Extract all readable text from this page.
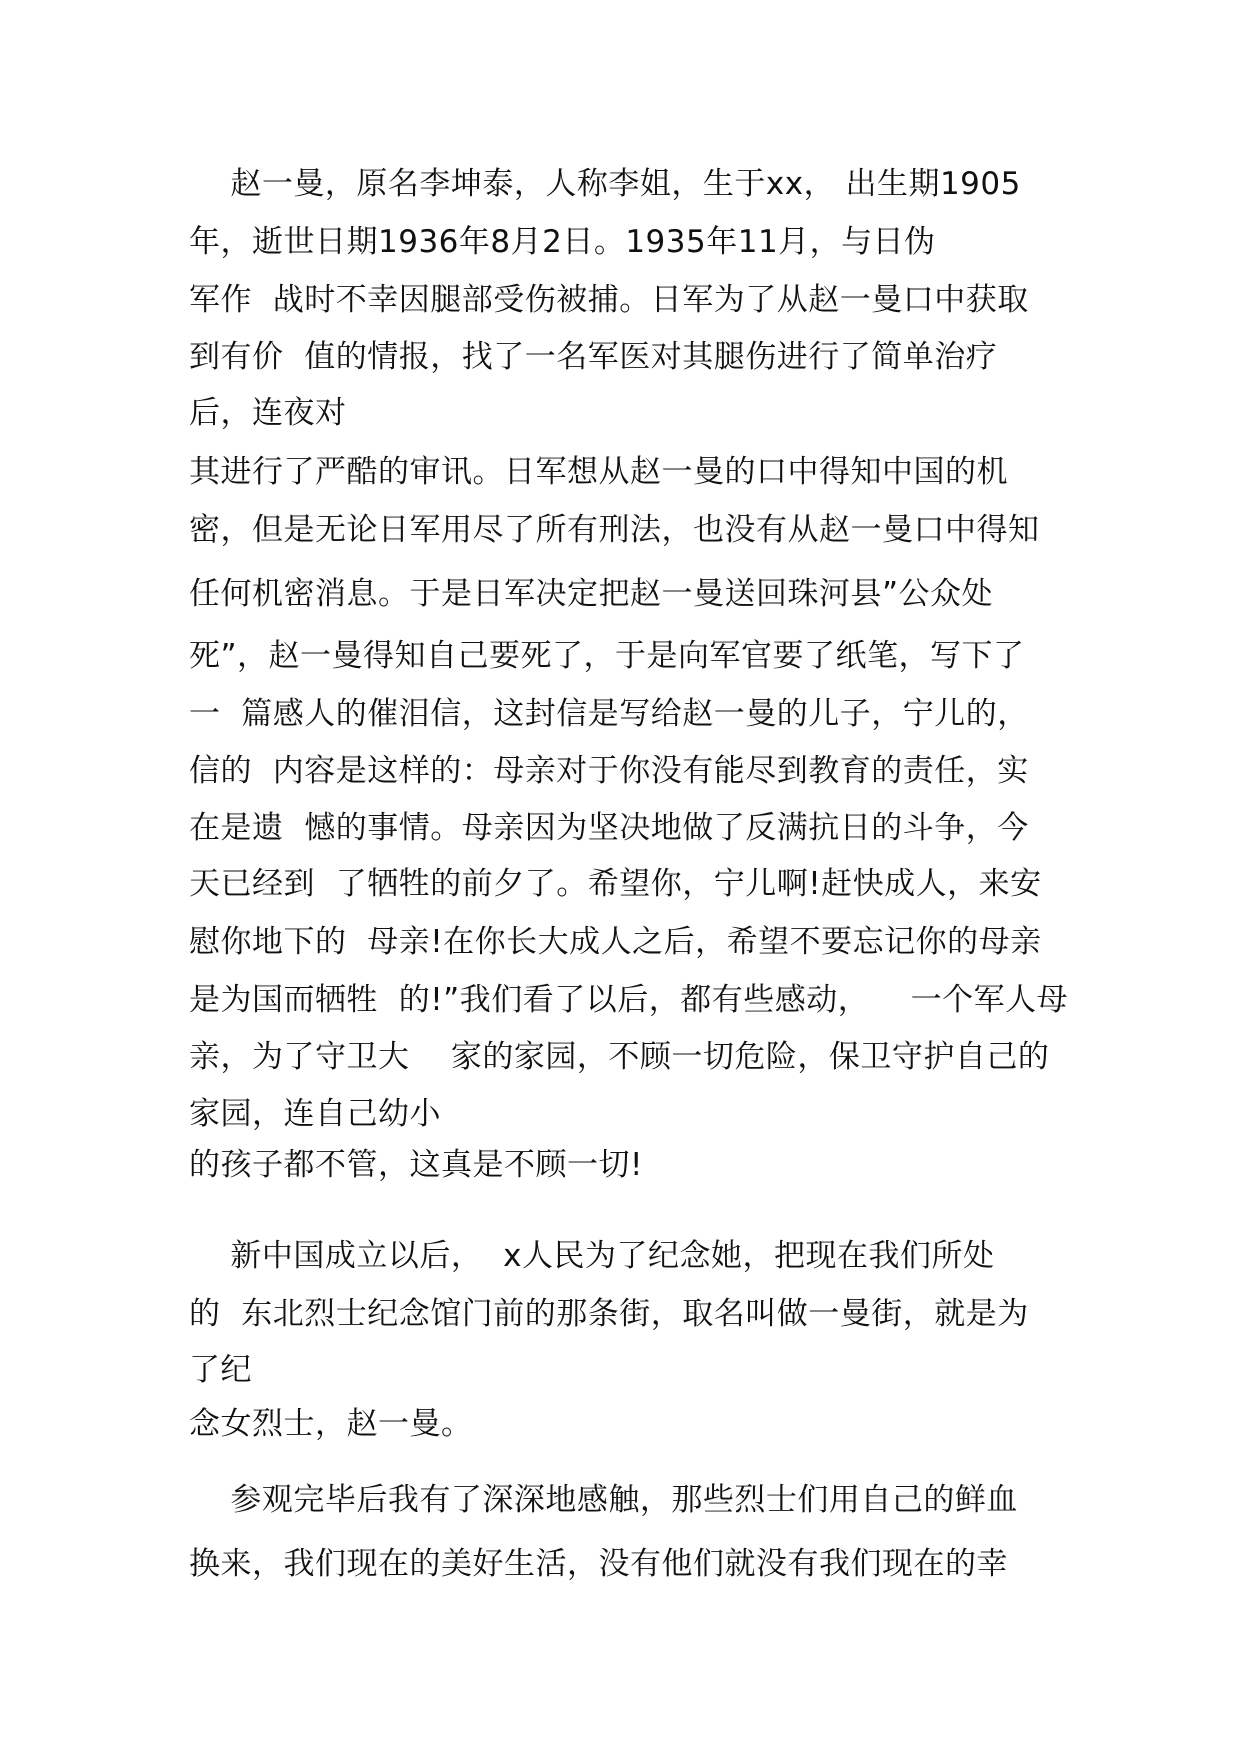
赵一曼，原名李坤泰，人称李姐，生于xx， 出生期1905
年，逝世日期1936年8月2日。1935年11月，与日伪
军作  战时不幸因腿部受伤被捕。日军为了从赵一曼口中获取
到有价  值的情报，找了一名军医对其腿伤进行了简单治疗
后，连夜对
其进行了严酷的审讯。日军想从赵一曼的口中得知中国的机
密，但是无论日军用尽了所有刑法，也没有从赵一曼口中得知
任何机密消息。于是日军决定把赵一曼送回珠河县”公众处
死”，赵一曼得知自己要死了，于是向军官要了纸笔，写下了
一  篇感人的催泪信，这封信是写给赵一曼的儿子，宁儿的，
信的  内容是这样的：母亲对于你没有能尽到教育的责任，实
在是遗  憾的事情。母亲因为坚决地做了反满抗日的斗争，今
天已经到  了牺牲的前夕了。希望你，宁儿啊!赶快成人，来安
慰你地下的  母亲!在你长大成人之后，希望不要忘记你的母亲
是为国而牺牲  的!”我们看了以后，都有些感动，    一个军人母
亲，为了守卫大    家的家园，不顾一切危险，保卫守护自己的
家园，连自己幼小
的孩子都不管，这真是不顾一切!
新中国成立以后，  x人民为了纪念她，把现在我们所处
的  东北烈士纪念馆门前的那条街，取名叫做一曼街，就是为
了纪
念女烈士，赵一曼。
参观完毕后我有了深深地感触，那些烈士们用自己的鲜血
换来，我们现在的美好生活，没有他们就没有我们现在的幸
